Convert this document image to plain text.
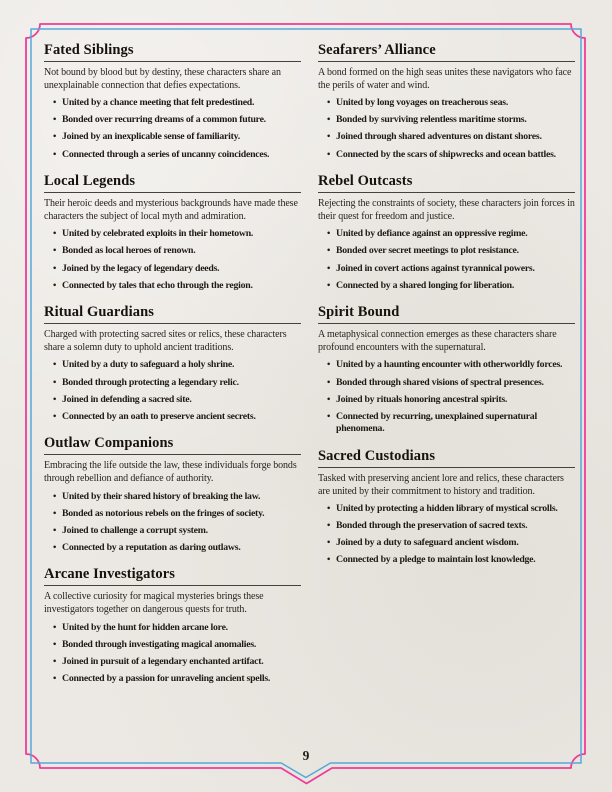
Fated Siblings

Not bound by blood but by destiny, these characters share an unexplainable connection that defies expectations.

• United by a chance meeting that felt predestined.
• Bonded over recurring dreams of a common future.
• Joined by an inexplicable sense of familiarity.
• Connected through a series of uncanny coincidences.
Local Legends

Their heroic deeds and mysterious backgrounds have made these characters the subject of local myth and admiration.

• United by celebrated exploits in their hometown.
• Bonded as local heroes of renown.
• Joined by the legacy of legendary deeds.
• Connected by tales that echo through the region.
Ritual Guardians

Charged with protecting sacred sites or relics, these characters share a solemn duty to uphold ancient traditions.

• United by a duty to safeguard a holy shrine.
• Bonded through protecting a legendary relic.
• Joined in defending a sacred site.
• Connected by an oath to preserve ancient secrets.
Outlaw Companions

Embracing the life outside the law, these individuals forge bonds through rebellion and defiance of authority.

• United by their shared history of breaking the law.
• Bonded as notorious rebels on the fringes of society.
• Joined to challenge a corrupt system.
• Connected by a reputation as daring outlaws.
Arcane Investigators

A collective curiosity for magical mysteries brings these investigators together on dangerous quests for truth.

• United by the hunt for hidden arcane lore.
• Bonded through investigating magical anomalies.
• Joined in pursuit of a legendary enchanted artifact.
• Connected by a passion for unraveling ancient spells.
Seafarers’ Alliance

A bond formed on the high seas unites these navigators who face the perils of water and wind.

• United by long voyages on treacherous seas.
• Bonded by surviving relentless maritime storms.
• Joined through shared adventures on distant shores.
• Connected by the scars of shipwrecks and ocean battles.
Rebel Outcasts

Rejecting the constraints of society, these characters join forces in their quest for freedom and justice.

• United by defiance against an oppressive regime.
• Bonded over secret meetings to plot resistance.
• Joined in covert actions against tyrannical powers.
• Connected by a shared longing for liberation.
Spirit Bound

A metaphysical connection emerges as these characters share profound encounters with the supernatural.

• United by a haunting encounter with otherworldly forces.
• Bonded through shared visions of spectral presences.
• Joined by rituals honoring ancestral spirits.
• Connected by recurring, unexplained supernatural phenomena.
Sacred Custodians

Tasked with preserving ancient lore and relics, these characters are united by their commitment to history and tradition.

• United by protecting a hidden library of mystical scrolls.
• Bonded through the preservation of sacred texts.
• Joined by a duty to safeguard ancient wisdom.
• Connected by a pledge to maintain lost knowledge.
9
